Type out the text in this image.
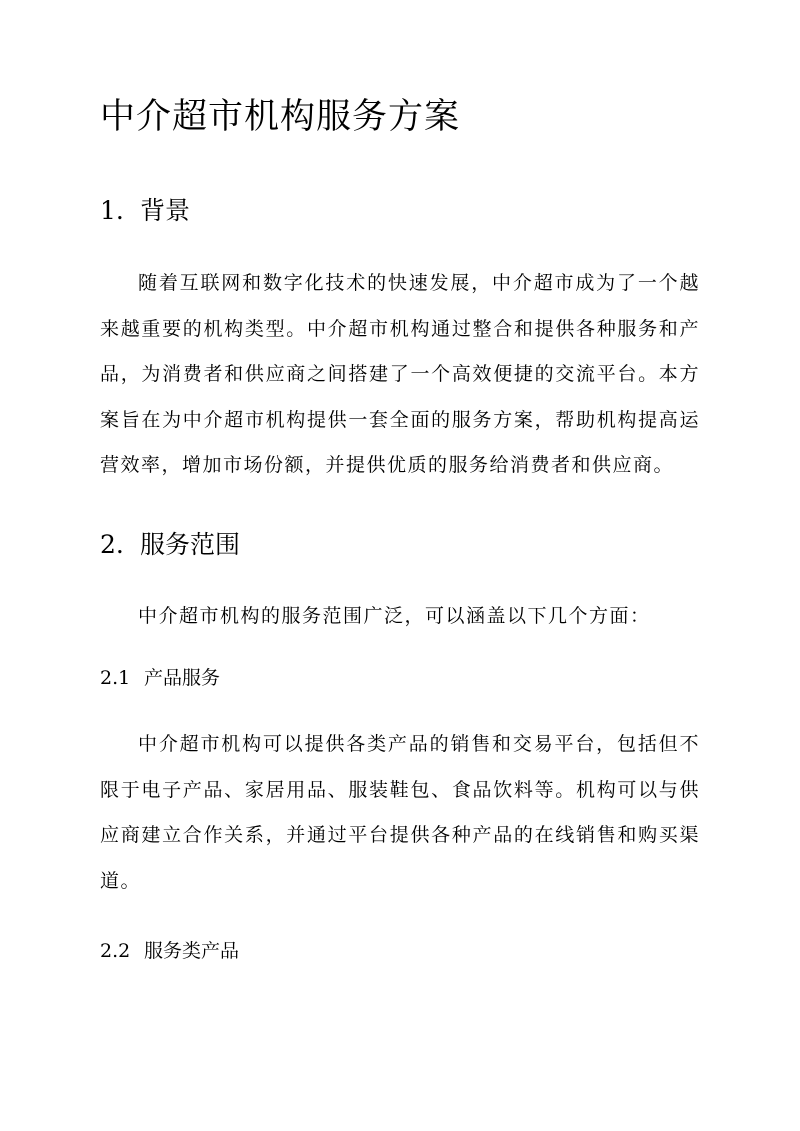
中介超市机构服务方案
1. 背景

随着互联网和数字化技术的快速发展，中介超市成为了一个越来越重要的机构类型。中介超市机构通过整合和提供各种服务和产品，为消费者和供应商之间搭建了一个高效便捷的交流平台。本方案旨在为中介超市机构提供一套全面的服务方案，帮助机构提高运营效率，增加市场份额，并提供优质的服务给消费者和供应商。

2. 服务范围

中介超市机构的服务范围广泛，可以涵盖以下几个方面：

2.1 产品服务

中介超市机构可以提供各类产品的销售和交易平台，包括但不限于电子产品、家居用品、服装鞋包、食品饮料等。机构可以与供应商建立合作关系，并通过平台提供各种产品的在线销售和购买渠道。

2.2 服务类产品
